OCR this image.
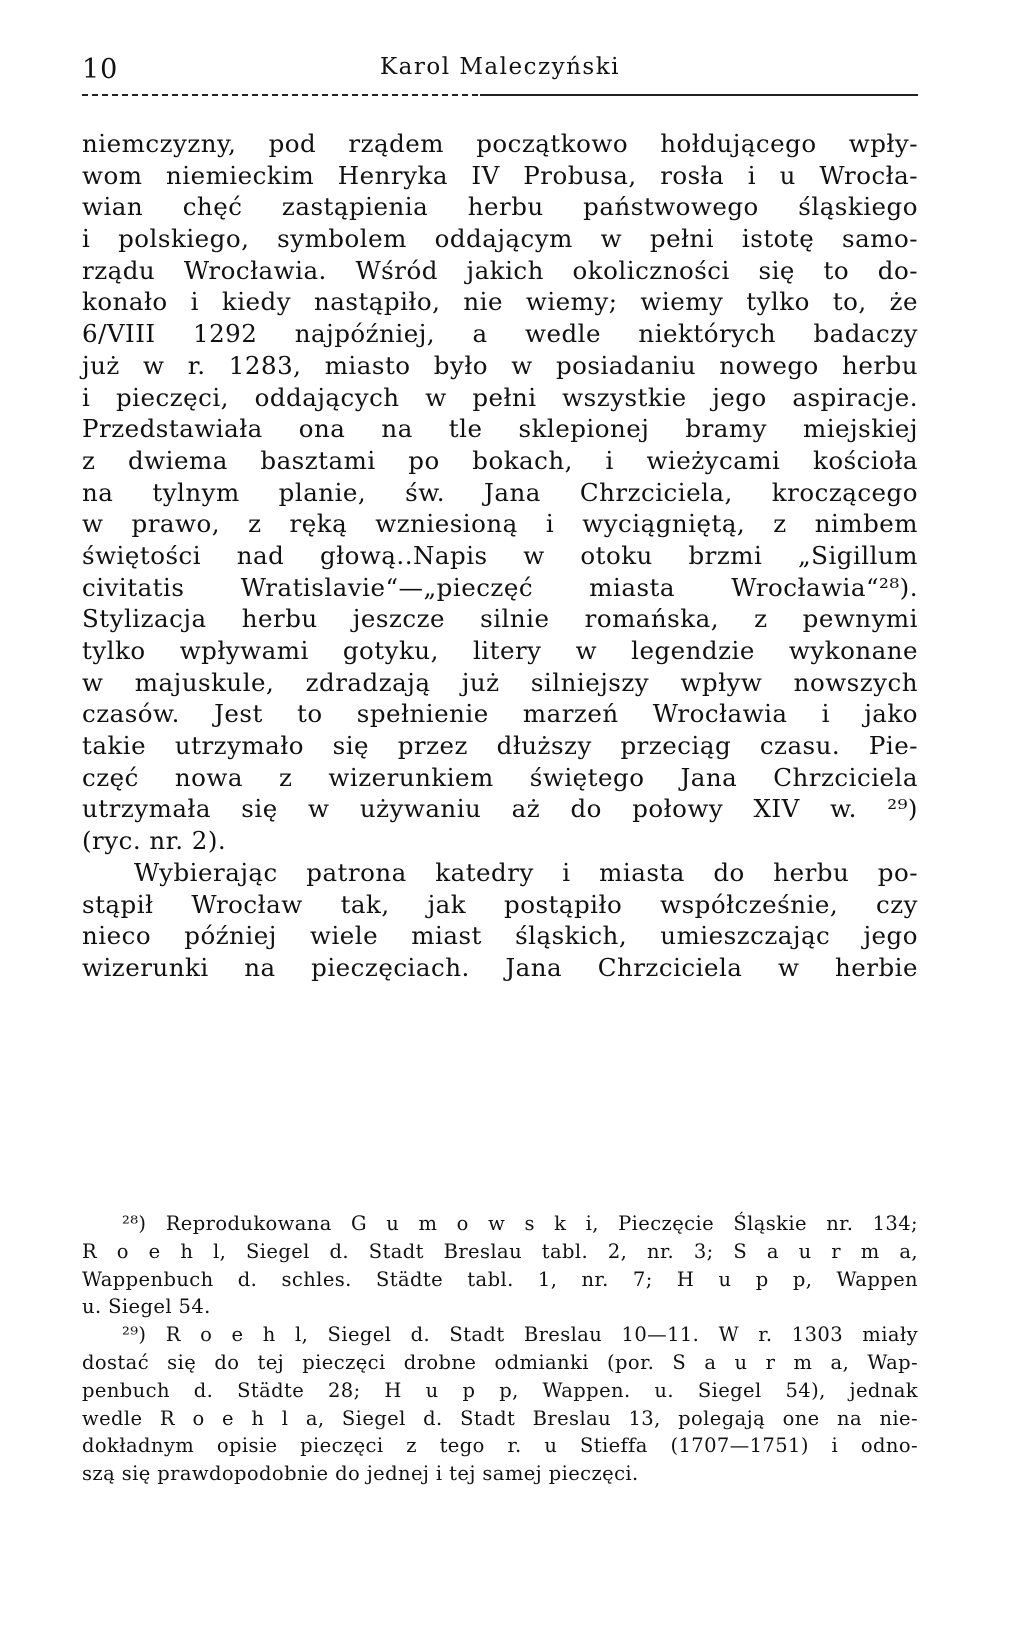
10	Karol Maleczyński
niemczyzny, pod rządem początkowo hołdującego wpły-
wom niemieckim Henryka IV Probusa, rosła i u Wrocła-
wian chęć zastąpienia herbu państwowego śląskiego
i polskiego, symbolem oddającym w pełni istotę samo-
rządu Wrocławia. Wśród jakich okoliczności się to do-
konało i kiedy nastąpiło, nie wiemy; wiemy tylko to, że
6/VIII 1292 najpóźniej, a wedle niektórych badaczy
już w r. 1283, miasto było w posiadaniu nowego herbu
i pieczęci, oddających w pełni wszystkie jego aspiracje.
Przedstawiała ona na tle sklepionej bramy miejskiej
z dwiema basztami po bokach, i wieżycami kościoła
na tylnym planie, św. Jana Chrzciciela, kroczącego
w prawo, z ręką wzniesioną i wyciągniętą, z nimbem
świętości nad głową..Napis w otoku brzmi „Sigillum
civitatis Wratislavie“—„pieczęć miasta Wrocławia“²⁸).
Stylizacja herbu jeszcze silnie romańska, z pewnymi
tylko wpływami gotyku, litery w legendzie wykonane
w majuskule, zdradzają już silniejszy wpływ nowszych
czasów. Jest to spełnienie marzeń Wrocławia i jako
takie utrzymało się przez dłuższy przeciąg czasu. Pie-
częć nowa z wizerunkiem świętego Jana Chrzciciela
utrzymała się w używaniu aż do połowy XIV w. ²⁹)
(ryc. nr. 2).
Wybierając patrona katedry i miasta do herbu po-
stąpił Wrocław tak, jak postąpiło współcześnie, czy
nieco później wiele miast śląskich, umieszczając jego
wizerunki na pieczęciach. Jana Chrzciciela w herbie
²⁸) Reprodukowana G u m o w s k i, Pieczęcie Śląskie nr. 134;
R o e h l, Siegel d. Stadt Breslau tabl. 2, nr. 3; S a u r m a,
Wappenbuch d. schles. Städte tabl. 1, nr. 7; H u p p, Wappen
u. Siegel 54.
²⁹) R o e h l, Siegel d. Stadt Breslau 10—11. W r. 1303 miały
dostać się do tej pieczęci drobne odmianki (por. S a u r m a, Wap-
penbuch d. Städte 28; H u p p, Wappen. u. Siegel 54), jednak
wedle R o e h l a, Siegel d. Stadt Breslau 13, polegają one na nie-
dokładnym opisie pieczęci z tego r. u Stieffa (1707—1751) i odno-
szą się prawdopodobnie do jednej i tej samej pieczęci.
